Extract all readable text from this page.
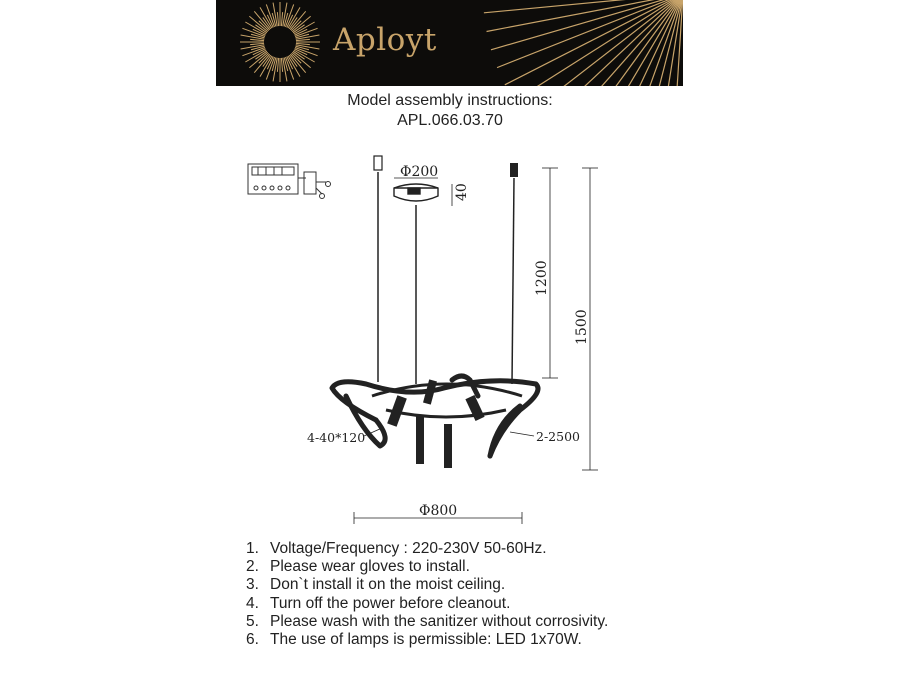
Aployt
Model assembly instructions:
APL.066.03.70
Φ200
40
1200
1500
4-40*120	2-2500
Φ800
1. Voltage/Frequency : 220-230V 50-60Hz.
2. Please wear gloves to install.
3. Don`t install it on the moist ceiling.
4. Turn off the power before cleanout.
5. Please wash with the sanitizer without corrosivity.
6. The use of lamps is permissible: LED 1x70W.
